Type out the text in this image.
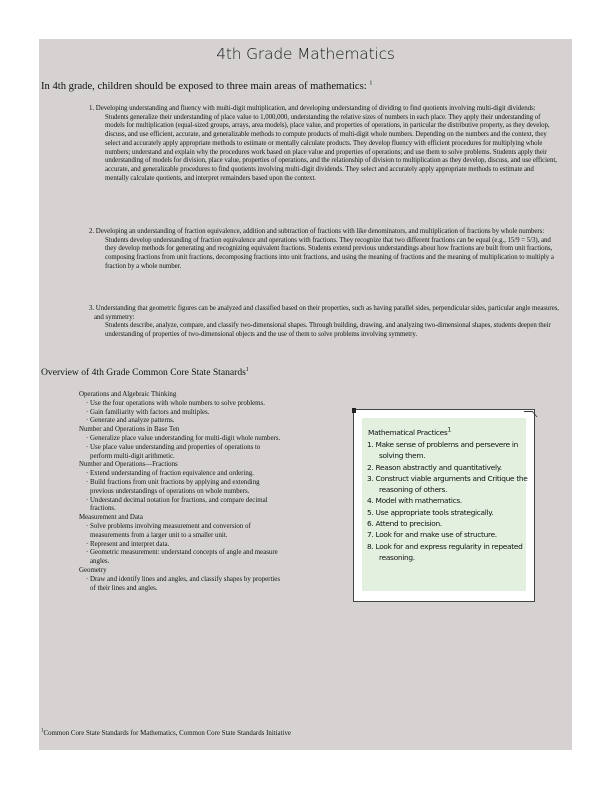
4th Grade Mathematics
In 4th grade, children should be exposed to three main areas of mathematics: $^1$
1. Developing understanding and fluency with multi-digit multiplication, and developing understanding of dividing to find quotients involving multi-digit dividends:
Students generalize their understanding of place value to 1,000,000, understanding the relative sizes of numbers in each place. They apply their understanding of models for multiplication (equal-sized groups, arrays, area models), place value, and properties of operations, in particular the distributive property, as they develop, discuss, and use efficient, accurate, and generalizable methods to compute products of multi-digit whole numbers. Depending on the numbers and the context, they select and accurately apply appropriate methods to estimate or mentally calculate products. They develop fluency with efficient procedures for multiplying whole numbers; understand and explain why the procedures work based on place value and properties of operations; and use them to solve problems. Students apply their understanding of models for division, place value, properties of operations, and the relationship of division to multiplication as they develop, discuss, and use efficient, accurate, and generalizable procedures to find quotients involving multi-digit dividends. They select and accurately apply appropriate methods to estimate and mentally calculate quotients, and interpret remainders based upon the context.
2. Developing an understanding of fraction equivalence, addition and subtraction of fractions with like denominators, and multiplication of fractions by whole numbers:
Students develop understanding of fraction equivalence and operations with fractions. They recognize that two different fractions can be equal (e.g., 15/9 = 5/3), and they develop methods for generating and recognizing equivalent fractions. Students extend previous understandings about how fractions are built from unit fractions, composing fractions from unit fractions, decomposing fractions into unit fractions, and using the meaning of fractions and the meaning of multiplication to multiply a fraction by a whole number.
3. Understanding that geometric figures can be analyzed and classified based on their properties, such as having parallel sides, perpendicular sides, particular angle measures, and symmetry:
Students describe, analyze, compare, and classify two-dimensional shapes. Through building, drawing, and analyzing two-dimensional shapes, students deepen their understanding of properties of two-dimensional objects and the use of them to solve problems involving symmetry.
Overview of 4th Grade Common Core State Stanards$^1$
Operations and Algebraic Thinking
· Use the four operations with whole numbers to solve problems.
· Gain familiarity with factors and multiples.
· Generate and analyze patterns.
Number and Operations in Base Ten
· Generalize place value understanding for multi-digit whole numbers.
· Use place value understanding and properties of operations to perform multi-digit arithmetic.
Number and Operations—Fractions
· Extend understanding of fraction equivalence and ordering.
· Build fractions from unit fractions by applying and extending previous understandings of operations on whole numbers.
· Understand decimal notation for fractions, and compare decimal fractions.
Measurement and Data
· Solve problems involving measurement and conversion of measurements from a larger unit to a smaller unit.
· Represent and interpret data.
· Geometric measurement: understand concepts of angle and measure angles.
Geometry
· Draw and identify lines and angles, and classify shapes by properties of their lines and angles.
Mathematical Practices$^1$
1. Make sense of problems and persevere in solving them.
2. Reason abstractly and quantitatively.
3. Construct viable arguments and Critique the reasoning of others.
4. Model with mathematics.
5. Use appropriate tools strategically.
6. Attend to precision.
7. Look for and make use of structure.
8. Look for and express regularity in repeated reasoning.
$^1$Common Core State Standards for Mathematics, Common Core State Standards Initiative
